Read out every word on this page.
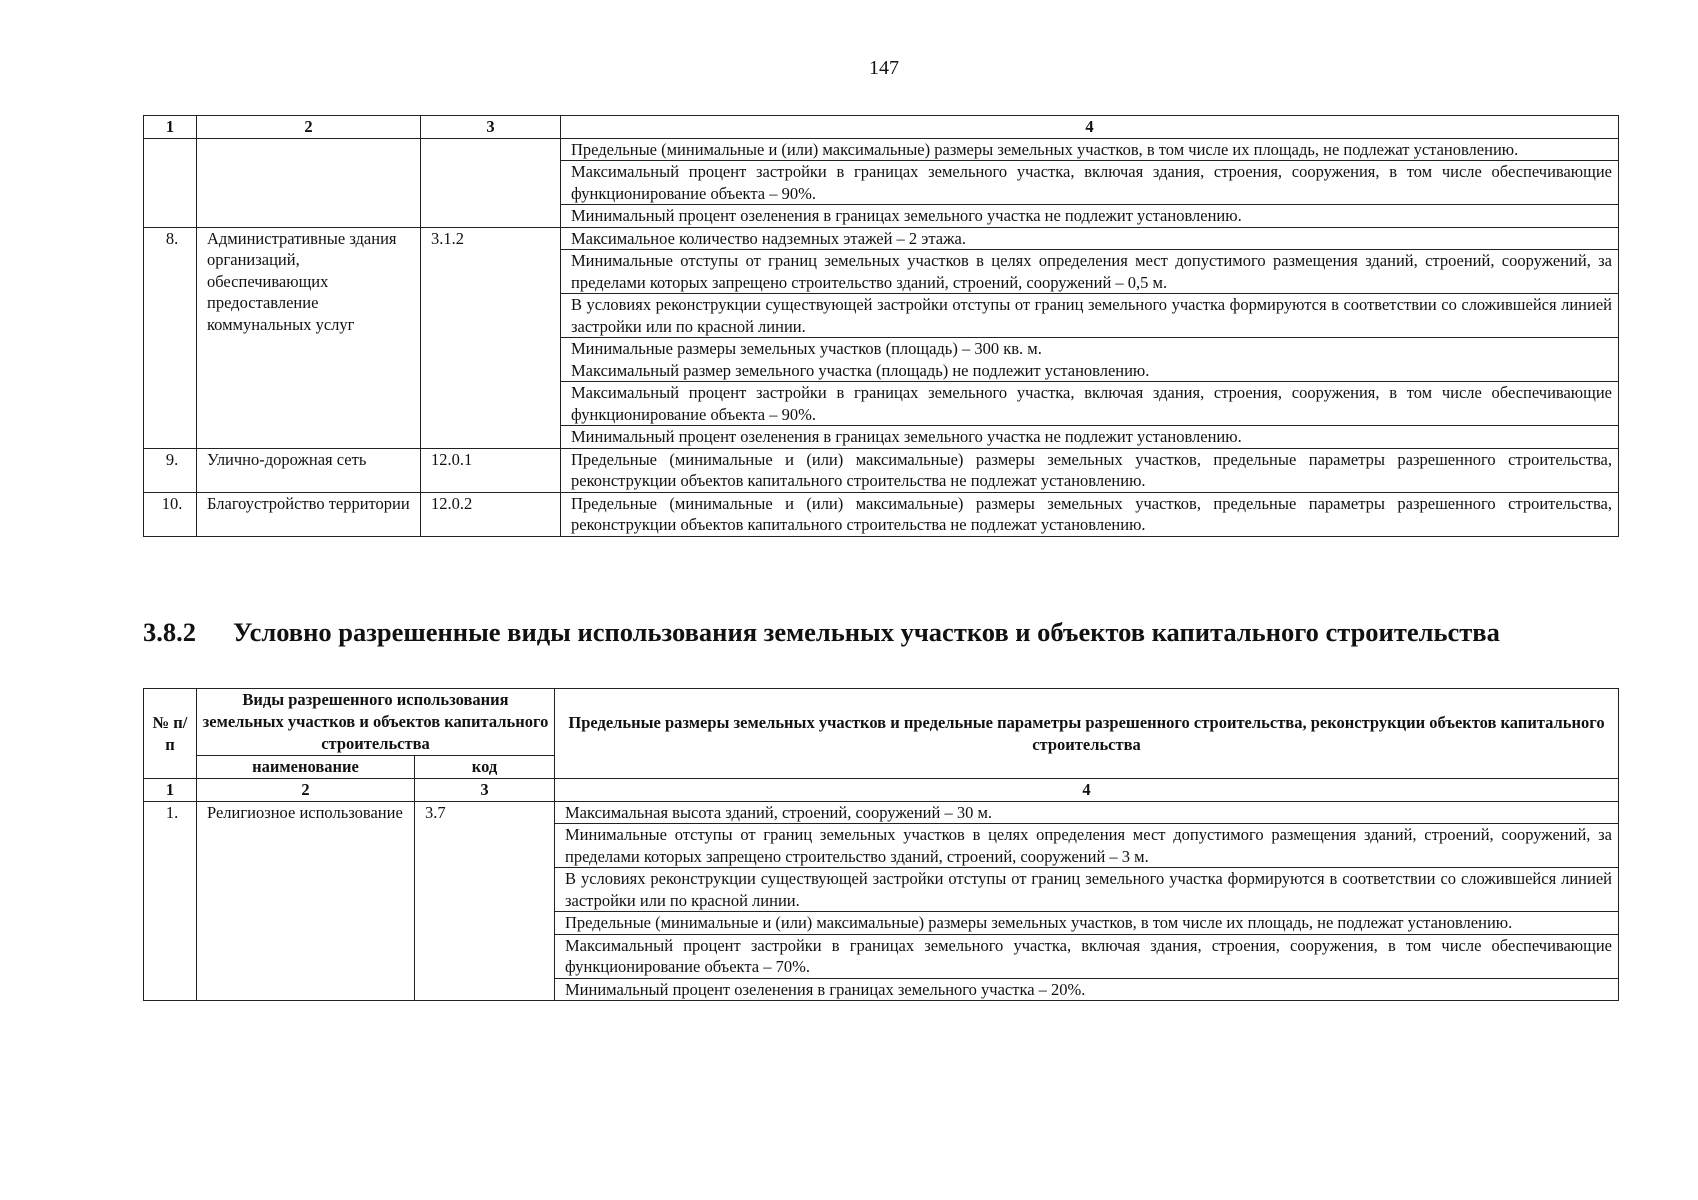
147
1	2	3	4
			Предельные (минимальные и (или) максимальные) размеры земельных участков, в том числе их площадь, не подлежат установлению.
			Максимальный процент застройки в границах земельного участка, включая здания, строения, сооружения, в том числе обеспечивающие функционирование объекта – 90%.
			Минимальный процент озеленения в границах земельного участка не подлежит установлению.
8.	Административные здания организаций, обеспечивающих предоставление коммунальных услуг	3.1.2	Максимальное количество надземных этажей – 2 этажа.
			Минимальные отступы от границ земельных участков в целях определения мест допустимого размещения зданий, строений, сооружений, за пределами которых запрещено строительство зданий, строений, сооружений – 0,5 м.
			В условиях реконструкции существующей застройки отступы от границ земельного участка формируются в соответствии со сложившейся линией застройки или по красной линии.

			Минимальные размеры земельных участков (площадь) – 300 кв. м.
Максимальный размер земельного участка (площадь) не подлежит установлению.

			Максимальный процент застройки в границах земельного участка, включая здания, строения, сооружения, в том числе обеспечивающие функционирование объекта – 90%.
			Минимальный процент озеленения в границах земельного участка не подлежит установлению.
9.	Улично-дорожная сеть	12.0.1	Предельные (минимальные и (или) максимальные) размеры земельных участков, предельные параметры разрешенного строительства, реконструкции объектов капитального строительства не подлежат установлению.
10.	Благоустройство территории	12.0.2	Предельные (минимальные и (или) максимальные) размеры земельных участков, предельные параметры разрешенного строительства, реконструкции объектов капитального строительства не подлежат установлению.
3.8.2 Условно разрешенные виды использования земельных участков и объектов капитального строительства
№ п/п	Виды разрешенного использования земельных участков и объектов капитального строительства		Предельные размеры земельных участков и предельные параметры разрешенного строительства, реконструкции объектов капитального строительства
	наименование	код	
1	2	3	4
1.	Религиозное использование	3.7	Максимальная высота зданий, строений, сооружений – 30 м.
			Минимальные отступы от границ земельных участков в целях определения мест допустимого размещения зданий, строений, сооружений, за пределами которых запрещено строительство зданий, строений, сооружений – 3 м.
			В условиях реконструкции существующей застройки отступы от границ земельного участка формируются в соответствии со сложившейся линией застройки или по красной линии.
			Предельные (минимальные и (или) максимальные) размеры земельных участков, в том числе их площадь, не подлежат установлению.
			Максимальный процент застройки в границах земельного участка, включая здания, строения, сооружения, в том числе обеспечивающие функционирование объекта – 70%.
			Минимальный процент озеленения в границах земельного участка – 20%.
